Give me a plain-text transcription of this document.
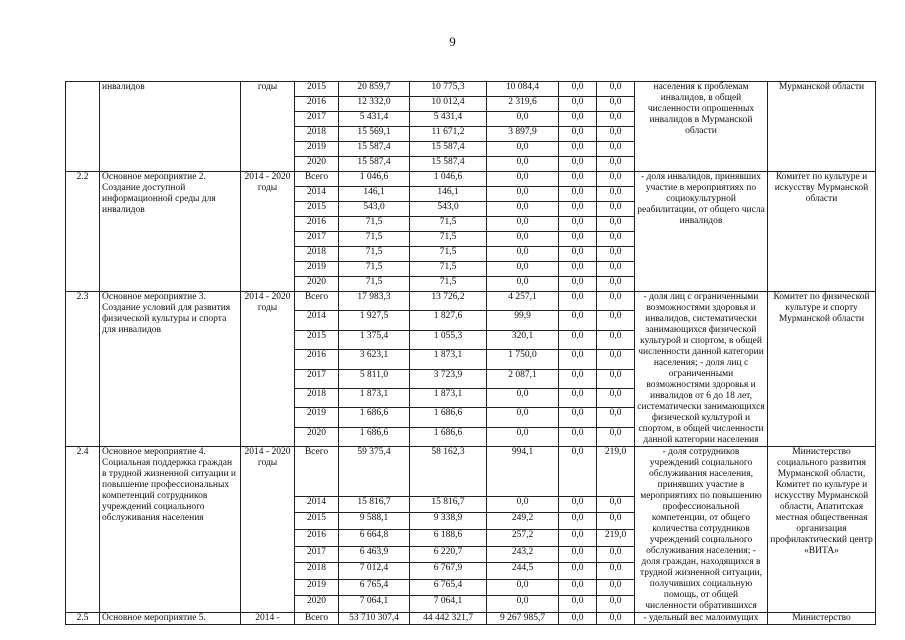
9
	инвалидов	годы	2015	20 859,7	10 775,3	10 084,4	0,0	0,0	населения к проблемам инвалидов, в общей численности опрошенных инвалидов в Мурманской области	Мурманской области
			2016	12 332,0	10 012,4	2 319,6	0,0	0,0		
			2017	5 431,4	5 431,4	0,0	0,0	0,0		
			2018	15 569,1	11 671,2	3 897,9	0,0	0,0		
			2019	15 587,4	15 587,4	0,0	0,0	0,0		
			2020	15 587,4	15 587,4	0,0	0,0	0,0		
2.2	Основное мероприятие 2. Создание доступной информационной среды для инвалидов	2014 - 2020 годы	Всего	1 046,6	1 046,6	0,0	0,0	0,0	- доля инвалидов, принявших участие в мероприятиях по социокультурной реабилитации, от общего числа инвалидов	Комитет по культуре и искусству Мурманской области
			2014	146,1	146,1	0,0	0,0	0,0		
			2015	543,0	543,0	0,0	0,0	0,0		
			2016	71,5	71,5	0,0	0,0	0,0		
			2017	71,5	71,5	0,0	0,0	0,0		
			2018	71,5	71,5	0,0	0,0	0,0		
			2019	71,5	71,5	0,0	0,0	0,0		
			2020	71,5	71,5	0,0	0,0	0,0		
2.3	Основное мероприятие 3. Создание условий для развития физической культуры и спорта для инвалидов	2014 - 2020 годы	Всего	17 983,3	13 726,2	4 257,1	0,0	0,0	- доля лиц с ограниченными возможностями здоровья и инвалидов, систематически занимающихся физической культурой и спортом, в общей численности данной категории населения; - доля лиц с ограниченными возможностями здоровья и инвалидов от 6 до 18 лет, систематически занимающихся физической культурой и спортом, в общей численности данной категории населения	Комитет по физической культуре и спорту Мурманской области
			2014	1 927,5	1 827,6	99,9	0,0	0,0		
			2015	1 375,4	1 055,3	320,1	0,0	0,0		
			2016	3 623,1	1 873,1	1 750,0	0,0	0,0		
			2017	5 811,0	3 723,9	2 087,1	0,0	0,0		
			2018	1 873,1	1 873,1	0,0	0,0	0,0		
			2019	1 686,6	1 686,6	0,0	0,0	0,0		
			2020	1 686,6	1 686,6	0,0	0,0	0,0		
2.4	Основное мероприятие 4. Социальная поддержка граждан в трудной жизненной ситуации и повышение профессиональных компетенций сотрудников учреждений социального обслуживания населения	2014 - 2020 годы	Всего	59 375,4	58 162,3	994,1	0,0	219,0	- доля сотрудников учреждений социального обслуживания населения, принявших участие в мероприятиях по повышению профессиональной компетенции, от общего количества сотрудников учреждений социального обслуживания населения; - доля граждан, находящихся в трудной жизненной ситуации, получивших социальную помощь, от общей численности обратившихся	Министерство социального развития Мурманской области, Комитет по культуре и искусству Мурманской области, Апатитская местная общественная организация профилактический центр «ВИТА»
			2014	15 816,7	15 816,7	0,0	0,0	0,0		
			2015	9 588,1	9 338,9	249,2	0,0	0,0		
			2016	6 664,8	6 188,6	257,2	0,0	219,0		
			2017	6 463,9	6 220,7	243,2	0,0	0,0		
			2018	7 012,4	6 767,9	244,5	0,0	0,0		
			2019	6 765,4	6 765,4	0,0	0,0	0,0		
			2020	7 064,1	7 064,1	0,0	0,0	0,0		
2.5	Основное мероприятие 5.	2014 -	Всего	53 710 307,4	44 442 321,7	9 267 985,7	0,0	0,0	- удельный вес малоимущих	Министерство
